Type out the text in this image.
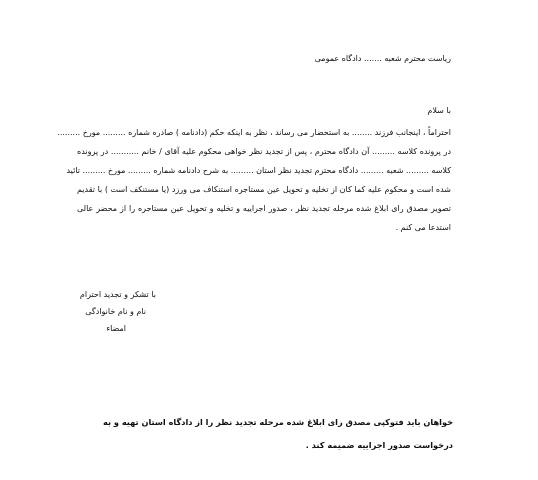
ریاست محترم شعبه ....... دادگاه عمومی
با سلام
احتراماً ، اینجانب فرزند ........ به استحضار می رساند ، نظر به اینکه حکم (دادنامه ) صادره شماره ......... مورخ .........
در پرونده کلاسه ......... آن دادگاه محترم ، پس از تجدید نظر خواهی محکوم علیه آقای / خانم ........... در پرونده
کلاسه ......... شعبه ......... دادگاه محترم تجدید نظر استان ......... به شرح دادنامه شماره ......... مورخ ......... تائید
شده است و محکوم علیه کما کان از تخلیه و تحویل عین مستاجره استنکاف می ورزد (یا مستنکف است ) با تقدیم
تصویر مصدق رای ابلاغ شده مرحله تجدید نظر ، صدور اجراییه و تخلیه و تحویل عین مستاجره را از محضر عالی
استدعا می کنم .
با تشکر و تجدید احترام
نام و نام خانوادگی
امضاء
خواهان باید فتوکپی مصدق رای ابلاغ شده مرحله تجدید نظر را از دادگاه استان تهیه و به
درخواست صدور اجراییه ضمیمه کند .
